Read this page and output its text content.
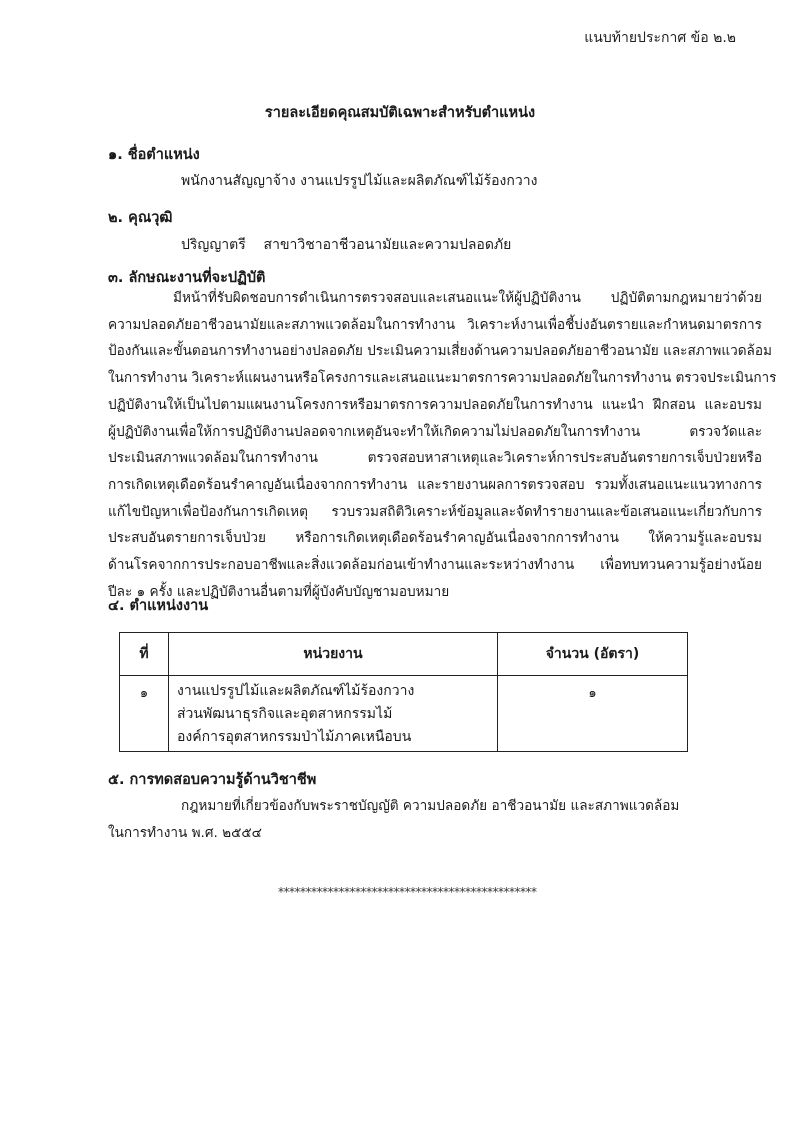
แนบท้ายประกาศ ข้อ ๒.๒
รายละเอียดคุณสมบัติเฉพาะสำหรับตำแหน่ง
๑. ชื่อตำแหน่ง
พนักงานสัญญาจ้าง งานแปรรูปไม้และผลิตภัณฑ์ไม้ร้องกวาง
๒. คุณวุฒิ
ปริญญาตรี    สาขาวิชาอาชีวอนามัยและความปลอดภัย
๓. ลักษณะงานที่จะปฏิบัติ
มีหน้าที่รับผิดชอบการดำเนินการตรวจสอบและเสนอแนะให้ผู้ปฏิบัติงาน ปฏิบัติตามกฎหมายว่าด้วย
ความปลอดภัยอาชีวอนามัยและสภาพแวดล้อมในการทำงาน วิเคราะห์งานเพื่อชี้บ่งอันตรายและกำหนดมาตรการ
ป้องกันและขั้นตอนการทำงานอย่างปลอดภัย ประเมินความเสี่ยงด้านความปลอดภัยอาชีวอนามัย และสภาพแวดล้อม
ในการทำงาน วิเคราะห์แผนงานหรือโครงการและเสนอแนะมาตรการความปลอดภัยในการทำงาน ตรวจประเมินการ
ปฏิบัติงานให้เป็นไปตามแผนงานโครงการหรือมาตรการความปลอดภัยในการทำงาน แนะนำ ฝึกสอน และอบรม
ผู้ปฏิบัติงานเพื่อให้การปฏิบัติงานปลอดจากเหตุอันจะทำให้เกิดความไม่ปลอดภัยในการทำงาน ตรวจวัดและ
ประเมินสภาพแวดล้อมในการทำงาน ตรวจสอบหาสาเหตุและวิเคราะห์การประสบอันตรายการเจ็บป่วยหรือ
การเกิดเหตุเดือดร้อนรำคาญอันเนื่องจากการทำงาน และรายงานผลการตรวจสอบ รวมทั้งเสนอแนะแนวทางการ
แก้ไขปัญหาเพื่อป้องกันการเกิดเหตุ รวบรวมสถิติวิเคราะห์ข้อมูลและจัดทำรายงานและข้อเสนอแนะเกี่ยวกับการ
ประสบอันตรายการเจ็บป่วย หรือการเกิดเหตุเดือดร้อนรำคาญอันเนื่องจากการทำงาน ให้ความรู้และอบรม
ด้านโรคจากการประกอบอาชีพและสิ่งแวดล้อมก่อนเข้าทำงานและระหว่างทำงาน เพื่อทบทวนความรู้อย่างน้อย
ปีละ ๑ ครั้ง และปฏิบัติงานอื่นตามที่ผู้บังคับบัญชามอบหมาย
๔. ตำแหน่งงาน
ที่	หน่วยงาน	จำนวน (อัตรา)

๑	งานแปรรูปไม้และผลิตภัณฑ์ไม้ร้องกวาง
ส่วนพัฒนาธุรกิจและอุตสาหกรรมไม้
องค์การอุตสาหกรรมป่าไม้ภาคเหนือบน	๑
๕. การทดสอบความรู้ด้านวิชาชีพ
กฎหมายที่เกี่ยวข้องกับพระราชบัญญัติ ความปลอดภัย อาชีวอนามัย และสภาพแวดล้อม
ในการทำงาน พ.ศ. ๒๕๕๔
***********************************************
